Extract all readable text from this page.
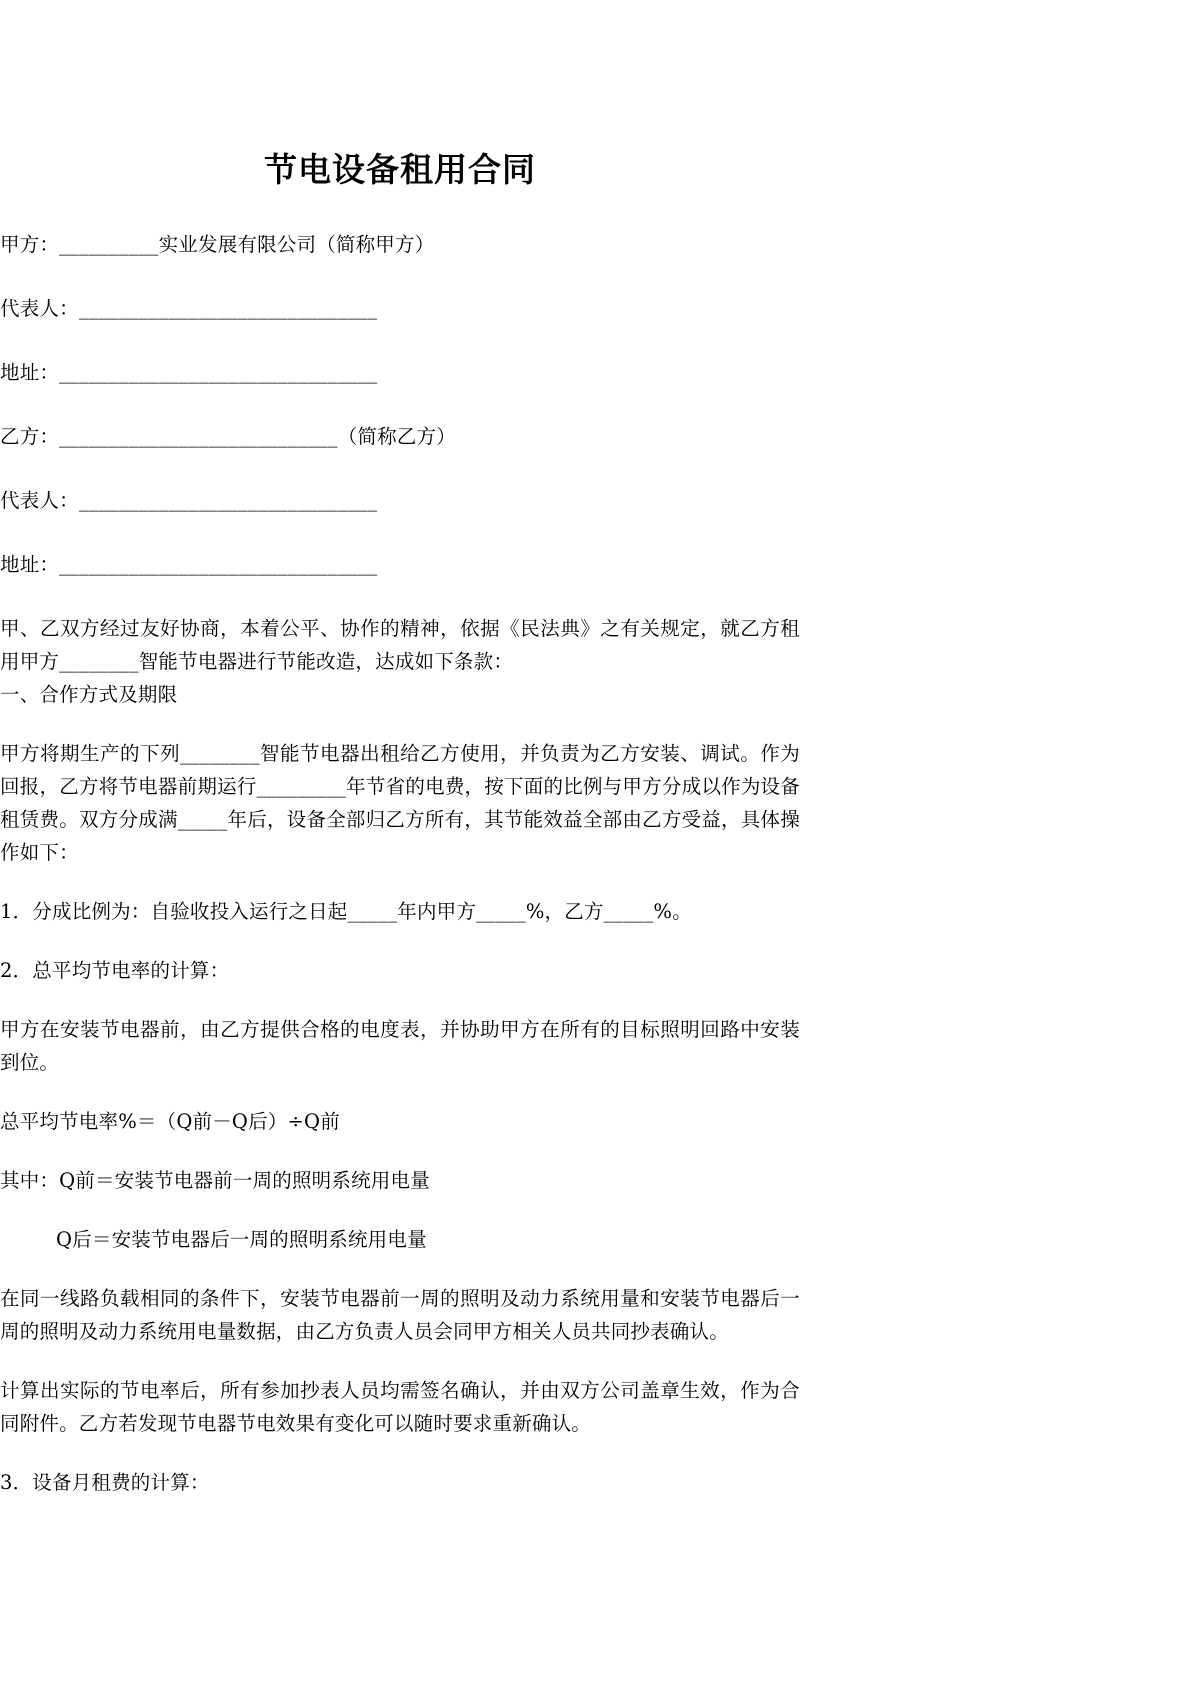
节电设备租用合同

甲方：__________实业发展有限公司（简称甲方）

代表人：______________________________

地址：________________________________

乙方：____________________________（简称乙方）

代表人：______________________________

地址：________________________________

甲、乙双方经过友好协商，本着公平、协作的精神，依据《民法典》之有关规定，就乙方租用甲方________智能节电器进行节能改造，达成如下条款：

一、合作方式及期限

甲方将期生产的下列________智能节电器出租给乙方使用，并负责为乙方安装、调试。作为回报，乙方将节电器前期运行_________年节省的电费，按下面的比例与甲方分成以作为设备租赁费。双方分成满_____年后，设备全部归乙方所有，其节能效益全部由乙方受益，具体操作如下：

1．分成比例为：自验收投入运行之日起_____年内甲方_____%，乙方_____%。

2．总平均节电率的计算：

甲方在安装节电器前，由乙方提供合格的电度表，并协助甲方在所有的目标照明回路中安装到位。

总平均节电率%＝（Q前－Q后）÷Q前

其中：Q前＝安装节电器前一周的照明系统用电量

Q后＝安装节电器后一周的照明系统用电量

在同一线路负载相同的条件下，安装节电器前一周的照明及动力系统用量和安装节电器后一周的照明及动力系统用电量数据，由乙方负责人员会同甲方相关人员共同抄表确认。

计算出实际的节电率后，所有参加抄表人员均需签名确认，并由双方公司盖章生效，作为合同附件。乙方若发现节电器节电效果有变化可以随时要求重新确认。

3．设备月租费的计算：
